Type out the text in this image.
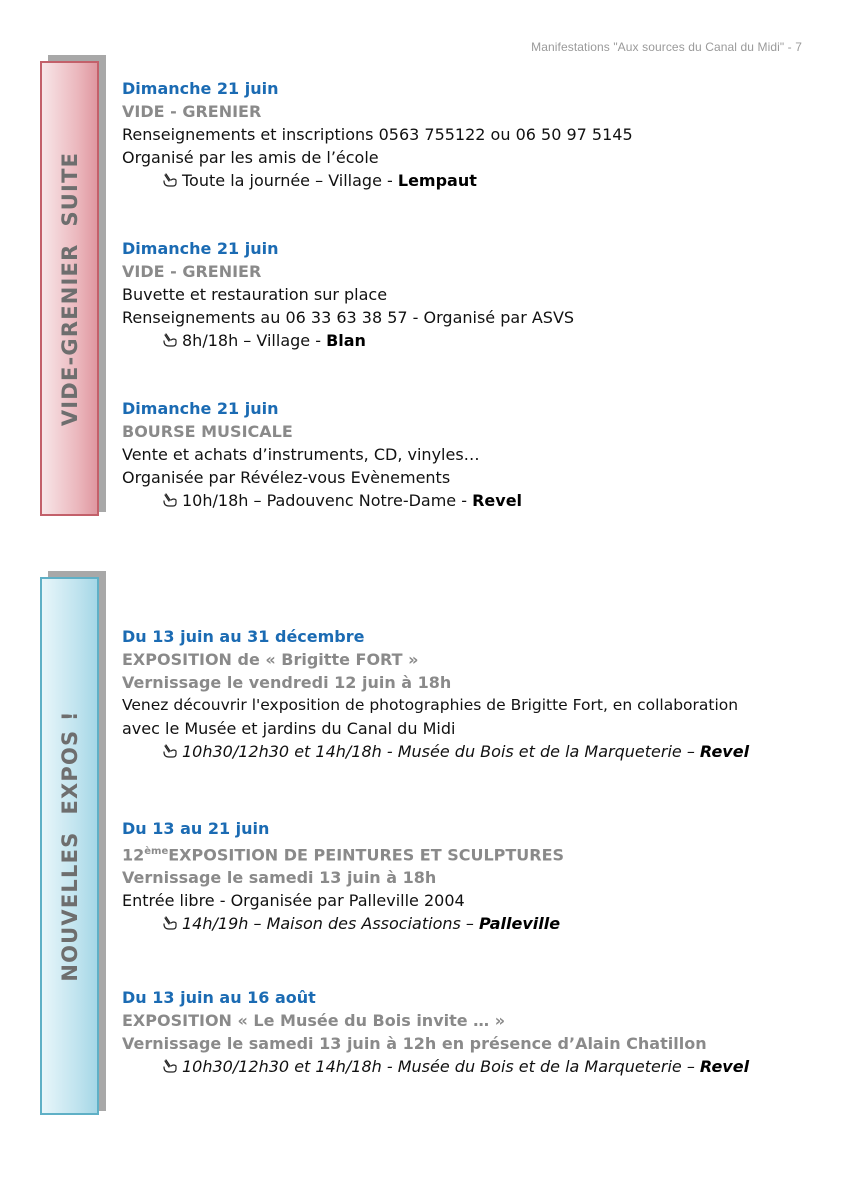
Manifestations "Aux sources du Canal du Midi" - 7
VIDE-GRENIER  SUITE
NOUVELLES  EXPOS !
Dimanche 21 juin
VIDE - GRENIER
Renseignements et inscriptions 0563 755122 ou 06 50 97 5145
Organisé par les amis de l’école
Toute la journée – Village - Lempaut
Dimanche 21 juin
VIDE - GRENIER
Buvette et restauration sur place
Renseignements au 06 33 63 38 57 - Organisé par ASVS
8h/18h – Village - Blan
Dimanche 21 juin
BOURSE MUSICALE
Vente et achats d’instruments, CD, vinyles…
Organisée par Révélez-vous Evènements
10h/18h – Padouvenc Notre-Dame - Revel
Du 13 juin au 31 décembre
EXPOSITION de « Brigitte FORT »
Vernissage le vendredi 12 juin à 18h
Venez découvrir l'exposition de photographies de Brigitte Fort, en collaboration
avec le Musée et jardins du Canal du Midi
10h30/12h30 et 14h/18h - Musée du Bois et de la Marqueterie – Revel
Du 13 au 21 juin
12èmeEXPOSITION DE PEINTURES ET SCULPTURES
Vernissage le samedi 13 juin à 18h
Entrée libre - Organisée par Palleville 2004
14h/19h – Maison des Associations – Palleville
Du 13 juin au 16 août
EXPOSITION « Le Musée du Bois invite … »
Vernissage le samedi 13 juin à 12h en présence d’Alain Chatillon
10h30/12h30 et 14h/18h - Musée du Bois et de la Marqueterie – Revel
